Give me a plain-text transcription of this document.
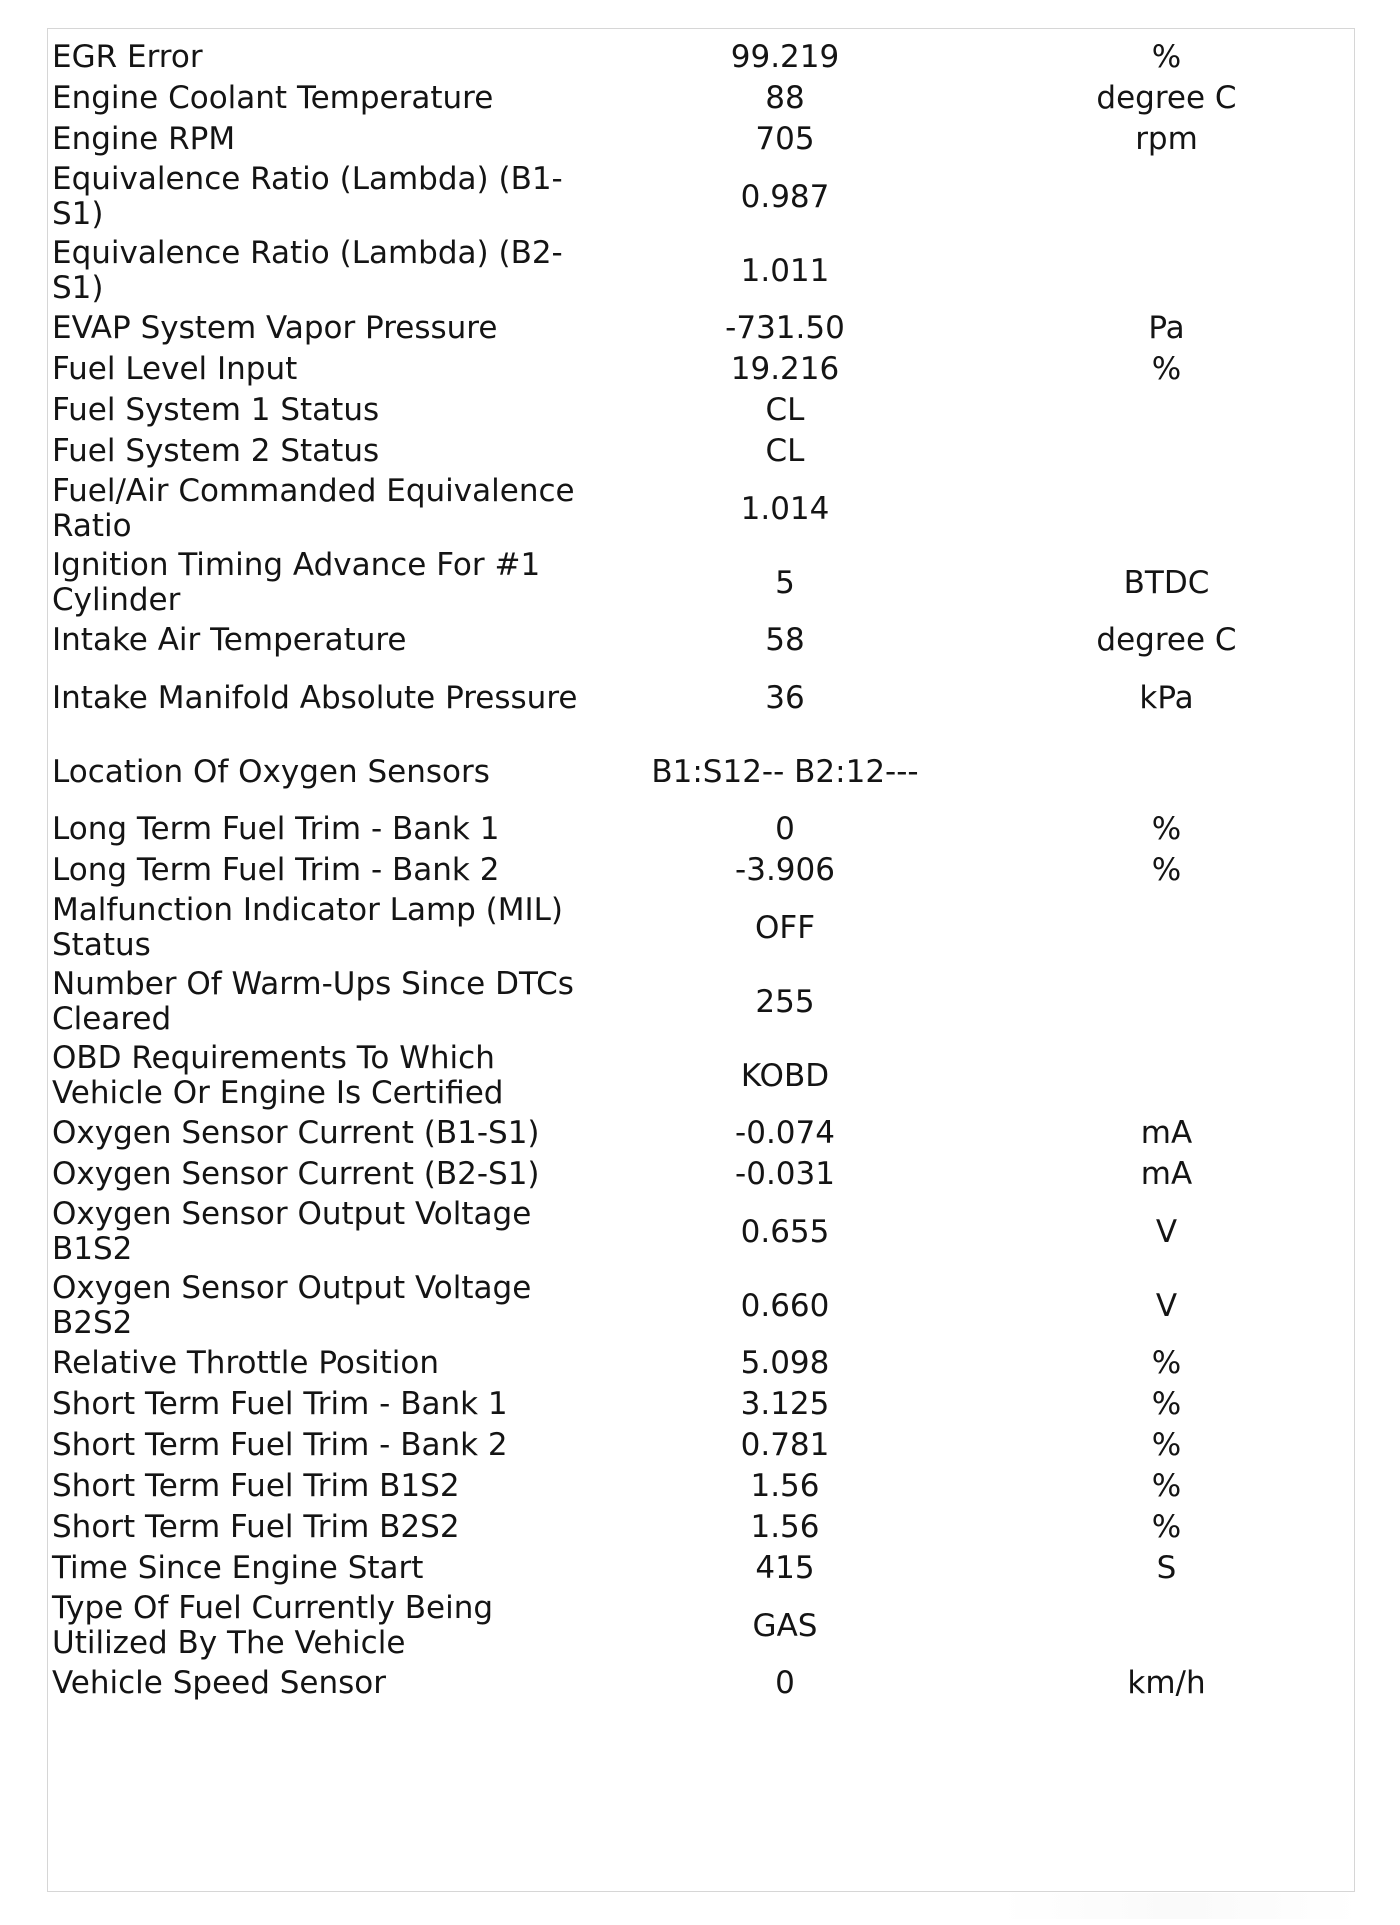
EGR Error	99.219	%
Engine Coolant Temperature	88	degree C
Engine RPM	705	rpm
Equivalence Ratio (Lambda) (B1-S1)	0.987	
Equivalence Ratio (Lambda) (B2-S1)	1.011	
EVAP System Vapor Pressure	-731.50	Pa
Fuel Level Input	19.216	%
Fuel System 1 Status	CL	
Fuel System 2 Status	CL	
Fuel/Air Commanded Equivalence Ratio	1.014	
Ignition Timing Advance For #1 Cylinder	5	BTDC
Intake Air Temperature	58	degree C
Intake Manifold Absolute Pressure	36	kPa
Location Of Oxygen Sensors	B1:S12-- B2:12---	
Long Term Fuel Trim - Bank 1	0	%
Long Term Fuel Trim - Bank 2	-3.906	%
Malfunction Indicator Lamp (MIL) Status	OFF	
Number Of Warm-Ups Since DTCs Cleared	255	
OBD Requirements To Which Vehicle Or Engine Is Certified	KOBD	
Oxygen Sensor Current (B1-S1)	-0.074	mA
Oxygen Sensor Current (B2-S1)	-0.031	mA
Oxygen Sensor Output Voltage B1S2	0.655	V
Oxygen Sensor Output Voltage B2S2	0.660	V
Relative Throttle Position	5.098	%
Short Term Fuel Trim - Bank 1	3.125	%
Short Term Fuel Trim - Bank 2	0.781	%
Short Term Fuel Trim B1S2	1.56	%
Short Term Fuel Trim B2S2	1.56	%
Time Since Engine Start	415	S
Type Of Fuel Currently Being Utilized By The Vehicle	GAS	
Vehicle Speed Sensor	0	km/h
